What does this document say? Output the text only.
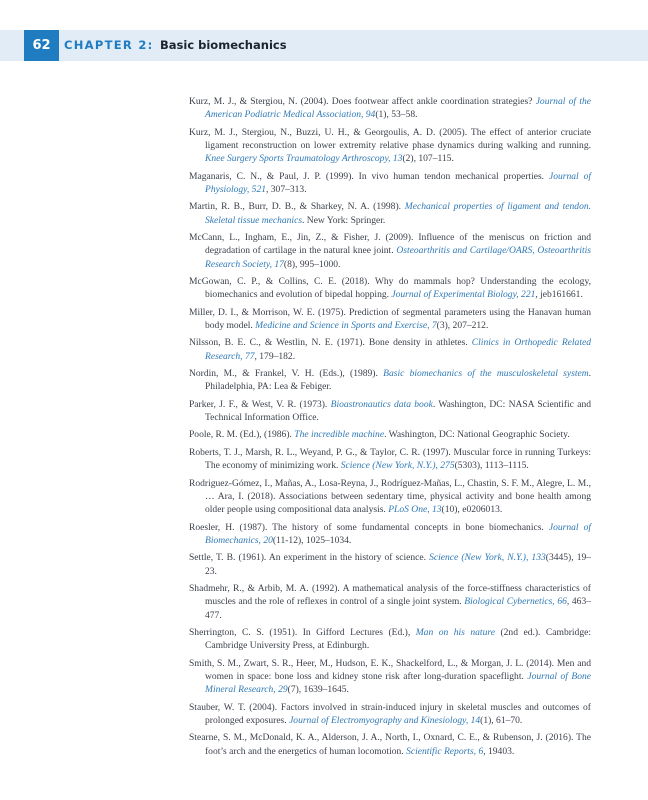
62	CHAPTER 2: Basic biomechanics

Kurz, M. J., & Stergiou, N. (2004). Does footwear affect ankle coordination strategies? Journal of the American Podiatric Medical Association, 94(1), 53–58.

Kurz, M. J., Stergiou, N., Buzzi, U. H., & Georgoulis, A. D. (2005). The effect of anterior cruciate ligament reconstruction on lower extremity relative phase dynamics during walking and running. Knee Surgery Sports Traumatology Arthroscopy, 13(2), 107–115.

Maganaris, C. N., & Paul, J. P. (1999). In vivo human tendon mechanical properties. Journal of Physiology, 521, 307–313.

Martin, R. B., Burr, D. B., & Sharkey, N. A. (1998). Mechanical properties of ligament and tendon. Skeletal tissue mechanics. New York: Springer.

McCann, L., Ingham, E., Jin, Z., & Fisher, J. (2009). Influence of the meniscus on friction and degradation of cartilage in the natural knee joint. Osteoarthritis and Cartilage/OARS, Osteoarthritis Research Society, 17(8), 995–1000.

McGowan, C. P., & Collins, C. E. (2018). Why do mammals hop? Understanding the ecology, biomechanics and evolution of bipedal hopping. Journal of Experimental Biology, 221, jeb161661.

Miller, D. I., & Morrison, W. E. (1975). Prediction of segmental parameters using the Hanavan human body model. Medicine and Science in Sports and Exercise, 7(3), 207–212.

Nilsson, B. E. C., & Westlin, N. E. (1971). Bone density in athletes. Clinics in Orthopedic Related Research, 77, 179–182.

Nordin, M., & Frankel, V. H. (Eds.), (1989). Basic biomechanics of the musculoskeletal system. Philadelphia, PA: Lea & Febiger.

Parker, J. F., & West, V. R. (1973). Bioastronautics data book. Washington, DC: NASA Scientific and Technical Information Office.

Poole, R. M. (Ed.), (1986). The incredible machine. Washington, DC: National Geographic Society.

Roberts, T. J., Marsh, R. L., Weyand, P. G., & Taylor, C. R. (1997). Muscular force in running Turkeys: The economy of minimizing work. Science (New York, N.Y.), 275(5303), 1113–1115.

Rodriguez-Gómez, I., Mañas, A., Losa-Reyna, J., Rodríguez-Mañas, L., Chastin, S. F. M., Alegre, L. M., … Ara, I. (2018). Associations between sedentary time, physical activity and bone health among older people using compositional data analysis. PLoS One, 13(10), e0206013.

Roesler, H. (1987). The history of some fundamental concepts in bone biomechanics. Journal of Biomechanics, 20(11-12), 1025–1034.

Settle, T. B. (1961). An experiment in the history of science. Science (New York, N.Y.), 133(3445), 19–23.

Shadmehr, R., & Arbib, M. A. (1992). A mathematical analysis of the force-stiffness characteristics of muscles and the role of reflexes in control of a single joint system. Biological Cybernetics, 66, 463–477.

Sherrington, C. S. (1951). In Gifford Lectures (Ed.), Man on his nature (2nd ed.). Cambridge: Cambridge University Press, at Edinburgh.

Smith, S. M., Zwart, S. R., Heer, M., Hudson, E. K., Shackelford, L., & Morgan, J. L. (2014). Men and women in space: bone loss and kidney stone risk after long-duration spaceflight. Journal of Bone Mineral Research, 29(7), 1639–1645.

Stauber, W. T. (2004). Factors involved in strain-induced injury in skeletal muscles and outcomes of prolonged exposures. Journal of Electromyography and Kinesiology, 14(1), 61–70.

Stearne, S. M., McDonald, K. A., Alderson, J. A., North, I., Oxnard, C. E., & Rubenson, J. (2016). The foot’s arch and the energetics of human locomotion. Scientific Reports, 6, 19403.
